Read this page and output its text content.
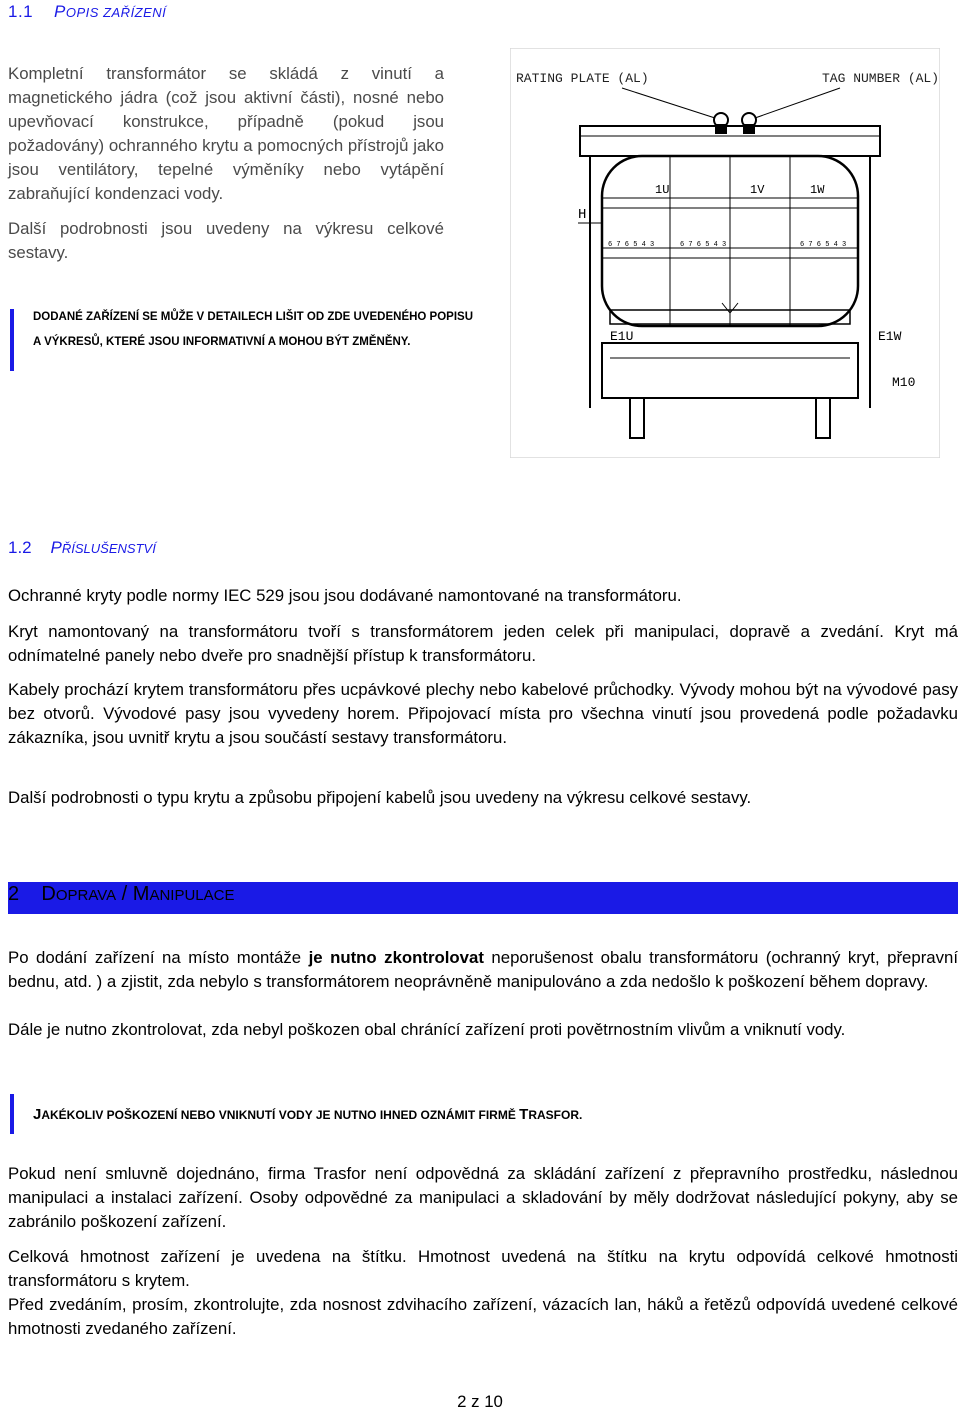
1.1 POPIS ZAŘÍZENÍ

Kompletní transformátor se skládá z vinutí a magnetického jádra (což jsou aktivní části), nosné nebo upevňovací konstrukce, případně (pokud jsou požadovány) ochranného krytu a pomocných přístrojů jako jsou ventilátory, tepelné výměníky nebo vytápění zabraňující kondenzaci vody.

Další podrobnosti jsou uvedeny na výkresu celkové sestavy.

DODANÉ ZAŘÍZENÍ SE MŮŽE V DETAILECH LIŠIT OD ZDE UVEDENÉHO POPISU A VÝKRESŮ, KTERÉ JSOU INFORMATIVNÍ A MOHOU BÝT ZMĚNĚNY.
RATING PLATE (AL)	TAG NUMBER (AL)
1U	1V	1W
6 7 6 5 4 3	6 7 6 5 4 3	6 7 6 5 4 3
H
E1U	E1W
M10
1.2 PŘÍSLUŠENSTVÍ
Ochranné kryty podle normy IEC 529 jsou jsou dodávané namontované na transformátoru.
Kryt namontovaný na transformátoru tvoří s transformátorem jeden celek při manipulaci, dopravě a zvedání. Kryt má odnímatelné panely nebo dveře pro snadnější přístup k transformátoru.
Kabely prochází krytem transformátoru přes ucpávkové plechy nebo kabelové průchodky. Vývody mohou být na vývodové pasy bez otvorů. Vývodové pasy jsou vyvedeny horem. Připojovací místa pro všechna vinutí jsou provedená podle požadavku zákazníka, jsou uvnitř krytu a jsou součástí sestavy transformátoru.
Další podrobnosti o typu krytu a způsobu připojení kabelů jsou uvedeny na výkresu celkové sestavy.
2 DOPRAVA / MANIPULACE
Po dodání zařízení na místo montáže je nutno zkontrolovat neporušenost obalu transformátoru (ochranný kryt, přepravní bednu, atd. ) a zjistit, zda nebylo s transformátorem neoprávněně manipulováno a zda nedošlo k poškození během dopravy.
Dále je nutno zkontrolovat, zda nebyl poškozen obal chránící zařízení proti povětrnostním vlivům a vniknutí vody.
JAKÉKOLIV POŠKOZENÍ NEBO VNIKNUTÍ VODY JE NUTNO IHNED OZNÁMIT FIRMĚ TRASFOR.
Pokud není smluvně dojednáno, firma Trasfor není odpovědná za skládání zařízení z přepravního prostředku, následnou manipulaci a instalaci zařízení. Osoby odpovědné za manipulaci a skladování by měly dodržovat následující pokyny, aby se zabránilo poškození zařízení.
Celková hmotnost zařízení je uvedena na štítku. Hmotnost uvedená na štítku na krytu odpovídá celkové hmotnosti transformátoru s krytem.
Před zvedáním, prosím, zkontrolujte, zda nosnost zdvihacího zařízení, vázacích lan, háků a řetězů odpovídá uvedené celkové hmotnosti zvedaného zařízení.
2 z 10
